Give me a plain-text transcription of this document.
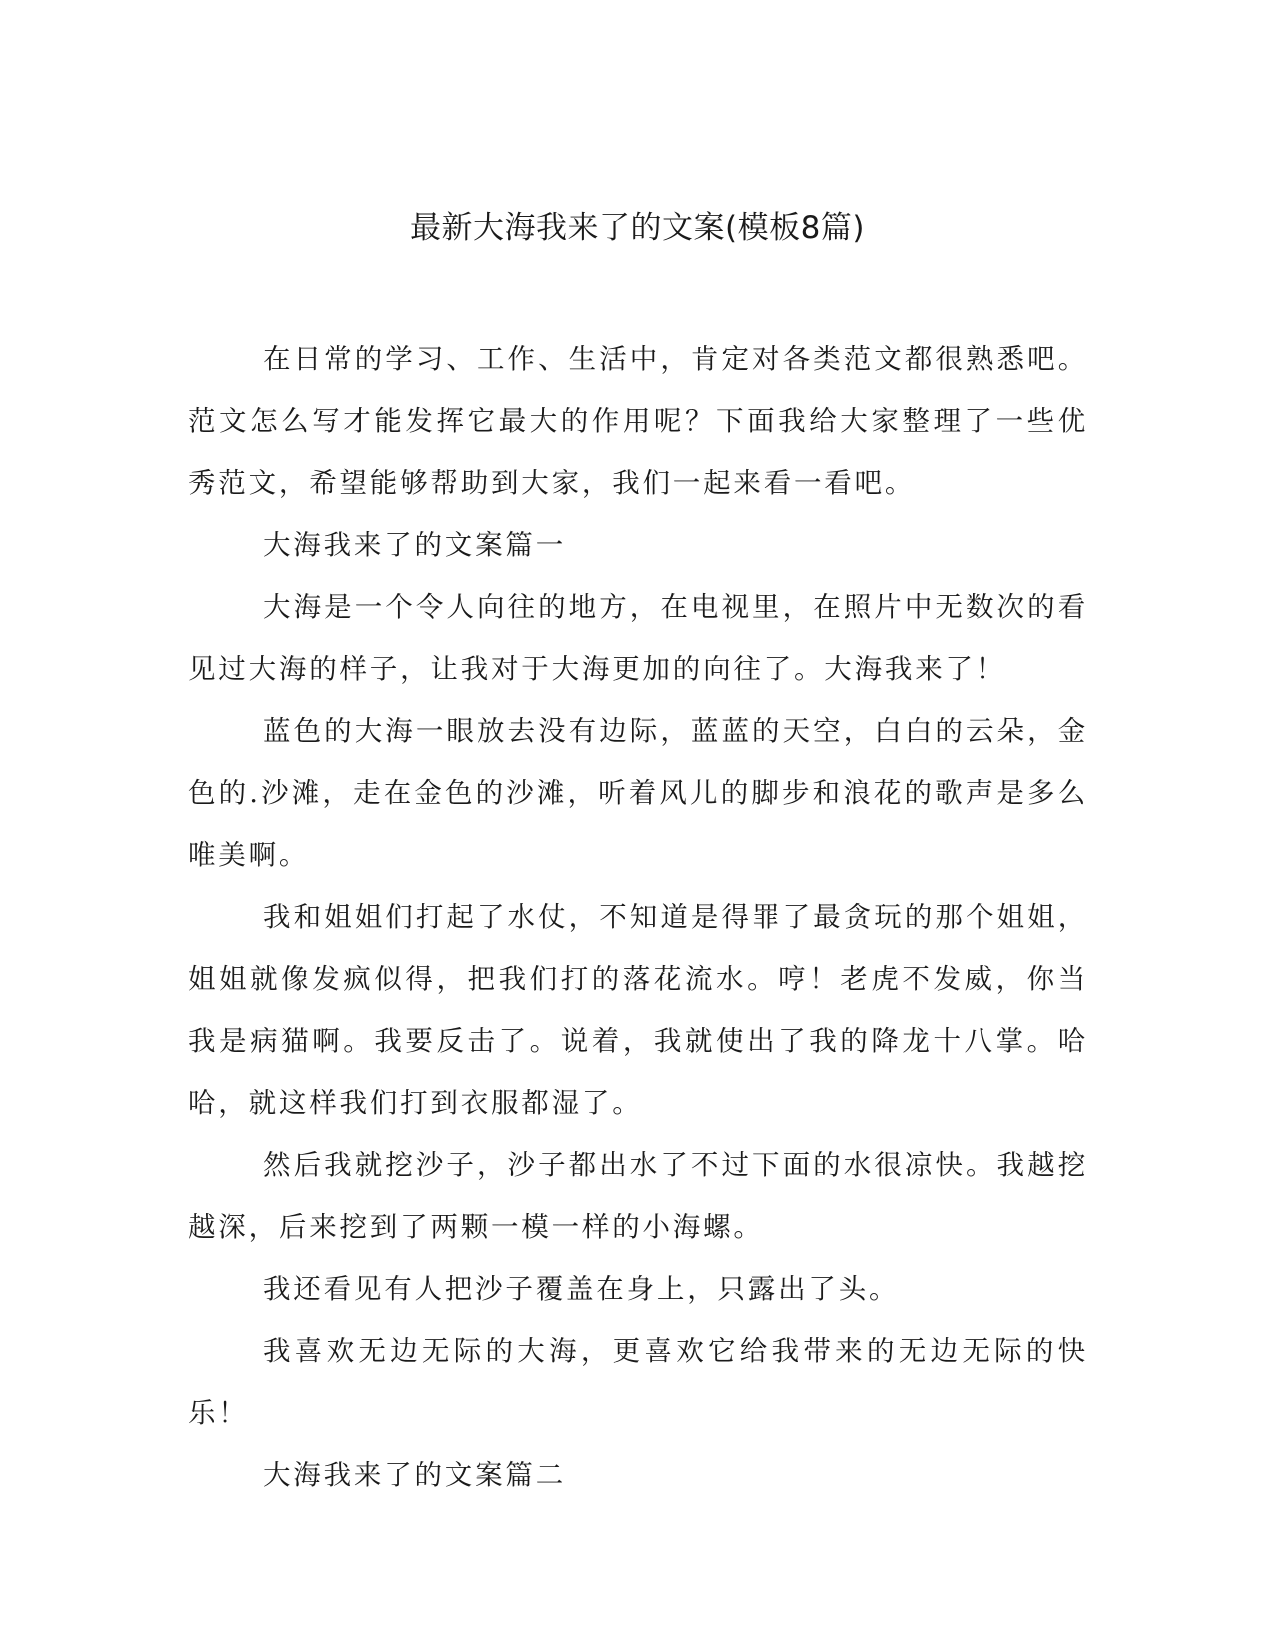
最新大海我来了的文案(模板8篇)

在日常的学习、工作、生活中，肯定对各类范文都很熟悉吧。范文怎么写才能发挥它最大的作用呢？下面我给大家整理了一些优秀范文，希望能够帮助到大家，我们一起来看一看吧。

大海我来了的文案篇一

大海是一个令人向往的地方，在电视里，在照片中无数次的看见过大海的样子，让我对于大海更加的向往了。大海我来了！

蓝色的大海一眼放去没有边际，蓝蓝的天空，白白的云朵，金色的.沙滩，走在金色的沙滩，听着风儿的脚步和浪花的歌声是多么唯美啊。

我和姐姐们打起了水仗，不知道是得罪了最贪玩的那个姐姐，姐姐就像发疯似得，把我们打的落花流水。哼！老虎不发威，你当我是病猫啊。我要反击了。说着，我就使出了我的降龙十八掌。哈哈，就这样我们打到衣服都湿了。

然后我就挖沙子，沙子都出水了不过下面的水很凉快。我越挖越深，后来挖到了两颗一模一样的小海螺。

我还看见有人把沙子覆盖在身上，只露出了头。

我喜欢无边无际的大海，更喜欢它给我带来的无边无际的快乐！

大海我来了的文案篇二
